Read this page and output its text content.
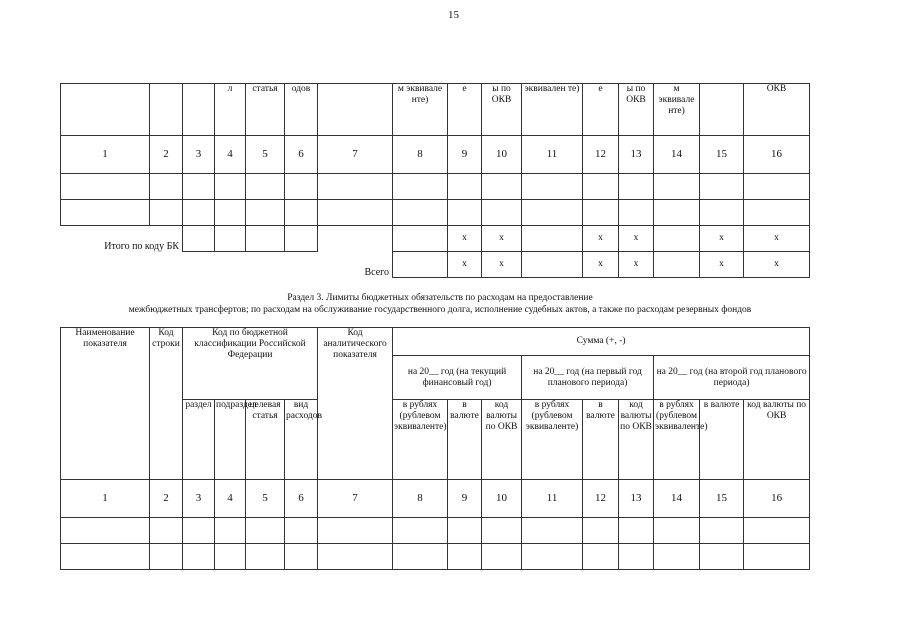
15
			л	статья	одов		м эквивале нте)	е	ы по ОКВ	эквивален те)	е	ы по ОКВ	м эквивале нте)		ОКВ
1	2	3	4	5	6	7	8	9	10	11	12	13	14	15	16

Итого по коду БК								x	x		x	x		x	x
						Всего		x	x		x	x		x	x
Раздел 3. Лимиты бюджетных обязательств по расходам на предоставление
межбюджетных трансфертов; по расходам на обслуживание государственного долга, исполнение судебных актов, а также по расходам резервных фондов
Наименование показателя	Код строки	Код по бюджетной классификации Российской Федерации				Код аналитического показателя	Сумма (+, -)								
							на 20__ год (на текущий финансовый год)			на 20__ год (на первый год планового периода)			на 20__ год (на второй год планового периода)		
		раздел	подраздел	целевая статья	вид расходов		в рублях (рублевом эквиваленте)	в валюте	код валюты по ОКВ	в рублях (рублевом эквиваленте)	в валюте	код валюты по ОКВ	в рублях (рублевом эквиваленте)	в валюте	код валюты по ОКВ
1	2	3	4	5	6	7	8	9	10	11	12	13	14	15	16
